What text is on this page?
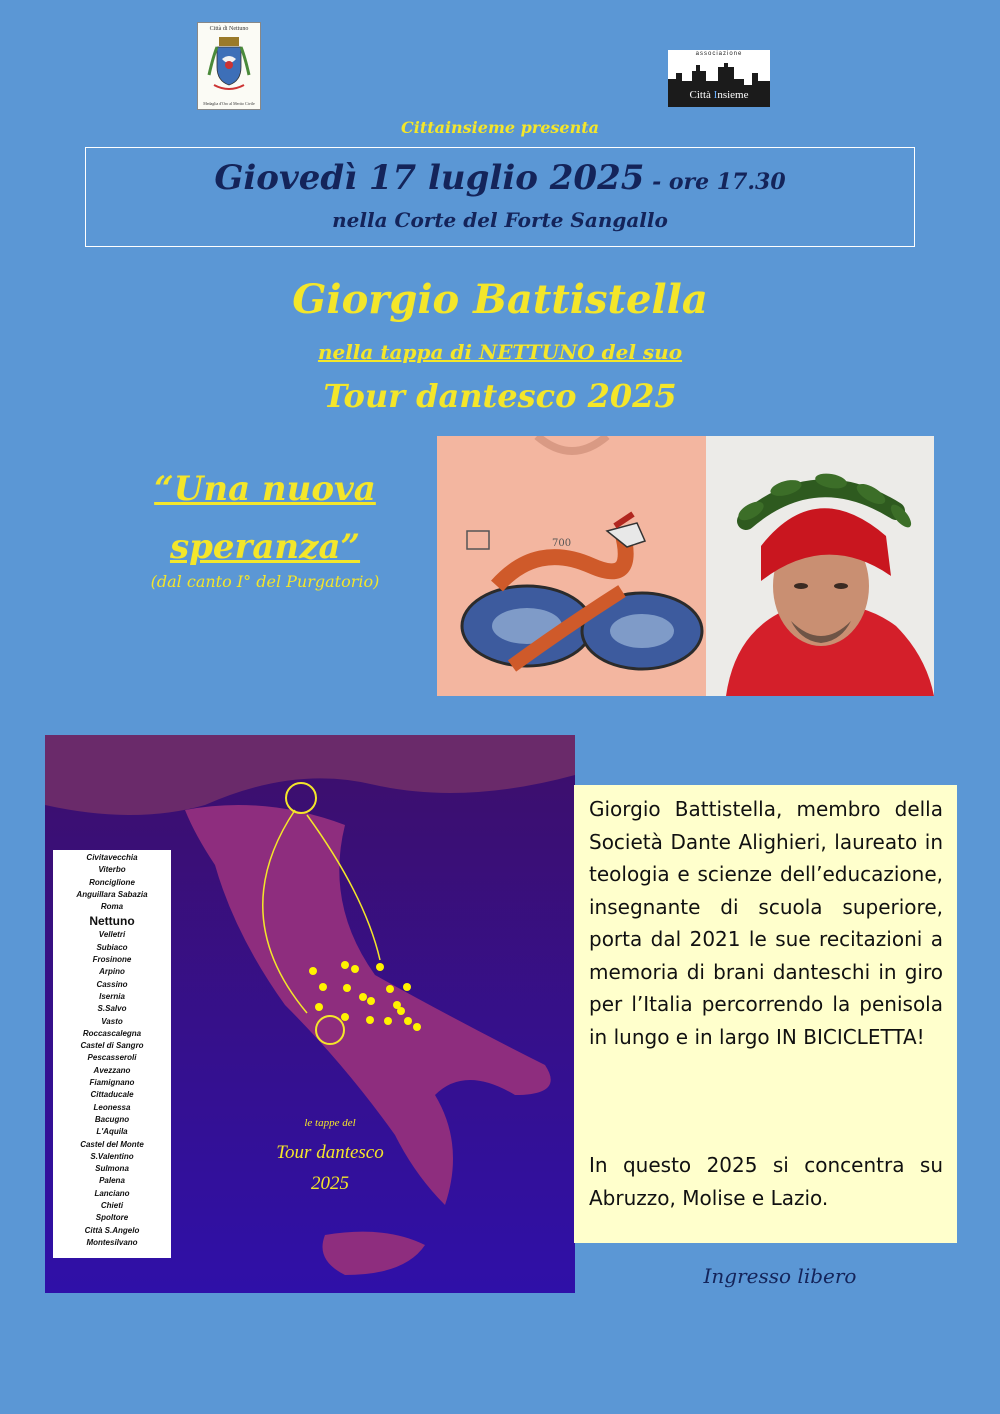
Città di Nettuno
Medaglia d'Oro al Merito Civile
associazione
Città Insieme
Cittainsieme presenta
Giovedì 17 luglio 2025 - ore 17.30
nella Corte del Forte Sangallo
Giorgio Battistella
nella tappa di NETTUNO del suo
Tour dantesco 2025
“Una nuova
speranza”
(dal canto I° del Purgatorio)
700
Civitavecchia
Viterbo
Ronciglione
Anguillara Sabazia
Roma
Nettuno
Velletri
Subiaco
Frosinone
Arpino
Cassino
Isernia
S.Salvo
Vasto
Roccascalegna
Castel di Sangro
Pescasseroli
Avezzano
Fiamignano
Cittaducale
Leonessa
Bacugno
L'Aquila
Castel del Monte
S.Valentino
Sulmona
Palena
Lanciano
Chieti
Spoltore
Città S.Angelo
Montesilvano
le tappe del
Tour dantesco
2025
Giorgio Battistella, membro della Società Dante Alighieri, laureato in teologia e scienze dell’educazione, insegnante di scuola superiore, porta dal 2021 le sue recitazioni a memoria di brani danteschi in giro per l’Italia percorrendo la penisola in lungo e in largo IN BICICLETTA!
In questo 2025 si concentra su Abruzzo, Molise e Lazio.
Ingresso libero
